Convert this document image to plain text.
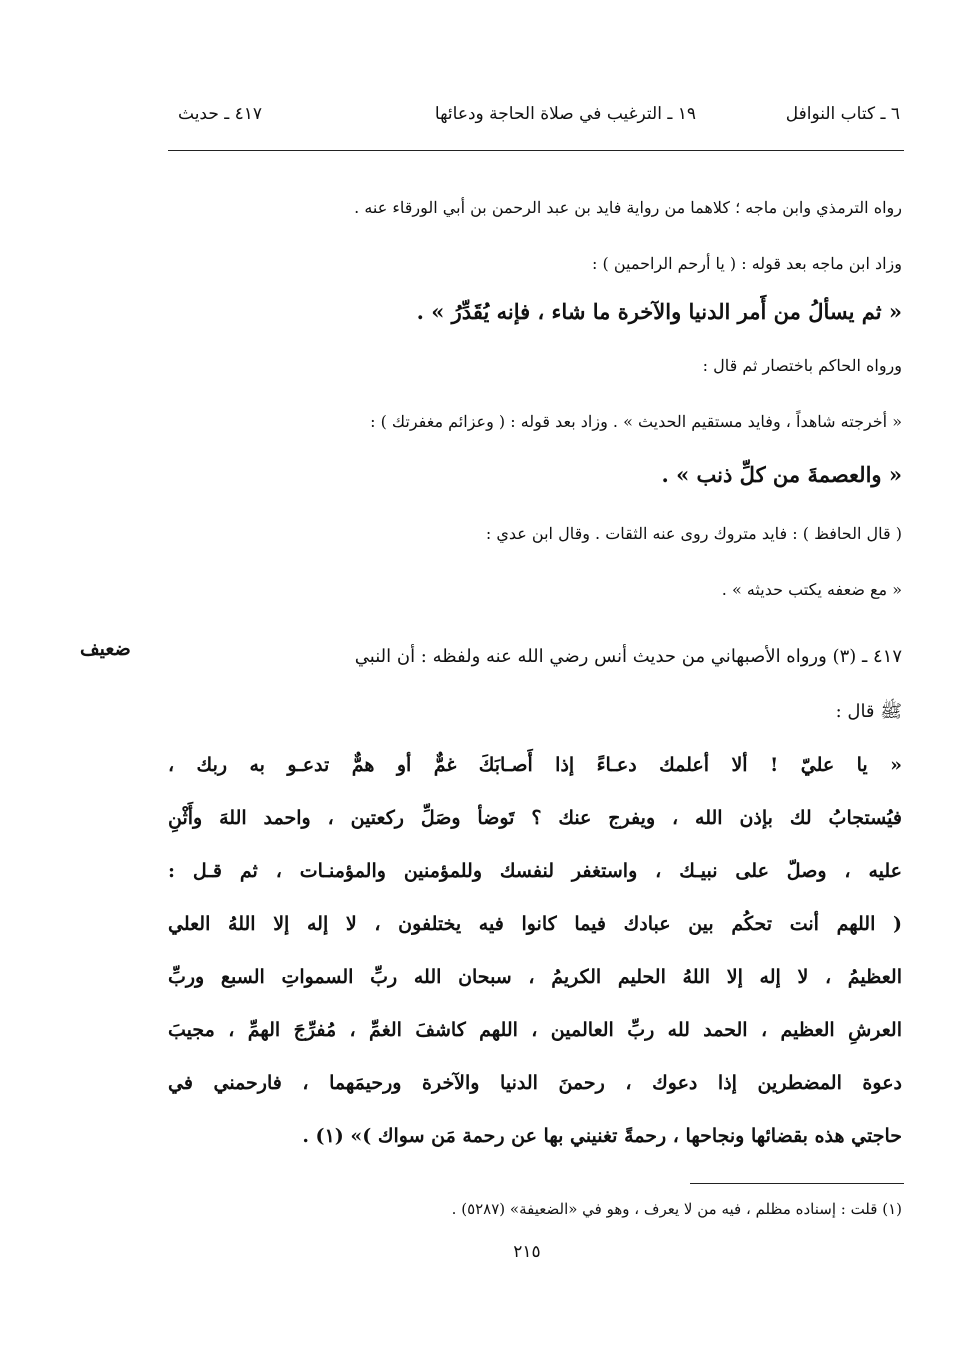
٦ ـ كتاب النوافل
١٩ ـ الترغيب في صلاة الحاجة ودعائها
٤١٧ ـ حديث
رواه الترمذي وابن ماجه ؛ كلاهما من رواية فايد بن عبد الرحمن بن أبي الورقاء عنه .
وزاد ابن ماجه بعد قوله : ( يا أرحم الراحمين ) :
« ثم يسألُ من أَمر الدنيا والآخرة ما شاء ، فإنه يُقَدِّرُ » .
ورواه الحاكم باختصار ثم قال :
« أخرجته شاهداً ، وفايد مستقيم الحديث » . وزاد بعد قوله : ( وعزائم مغفرتك ) :
« والعصمةَ من كلِّ ذنب » .
( قال الحافظ ) : فايد متروك روى عنه الثقات . وقال ابن عدي :
« مع ضعفه يكتب حديثه » .
ضعيف	٤١٧ ـ (٣) ورواه الأصبهاني من حديث أنس رضي الله عنه ولفظه : أن النبي
ﷺ قال :
« يا عليّ ! ألا أعلمك دعـاءً إذا أَصـابَكَ غمٌّ أو همٌّ تدعـو به ربك ،
فيُستجابُ لك بإذن الله ، ويفرج عنك ؟ تَوضأ وصَلِّ ركعتين ، واحمد اللهَ وأَثْنِ
عليه ، وصلّ على نبيـك ، واستغفر لنفسك وللمؤمنين والمؤمنـات ، ثم قـل :
( اللهم أنت تحكُم بين عبادك فيما كانوا فيه يختلفون ، لا إله إلا اللهُ العلي
العظيمُ ، لا إله إلا اللهُ الحليم الكريمُ ، سبحان الله ربِّ السمواتِ السبع وربِّ
العرشِ العظيم ، الحمد لله ربِّ العالمين ، اللهم كاشفَ الغمِّ ، مُفرِّجَ الهمِّ ، مجيبَ
دعوة المضطرين إذا دعوك ، رحمنَ الدنيا والآخرة ورحيمَهما ، فارحمني في
حاجتي هذه بقضائها ونجاحها ، رحمةً تغنيني بها عن رحمة مَن سواك )» (١) .
(١) قلت : إسناده مظلم ، فيه من لا يعرف ، وهو في «الضعيفة» (٥٢٨٧) .
٢١٥
